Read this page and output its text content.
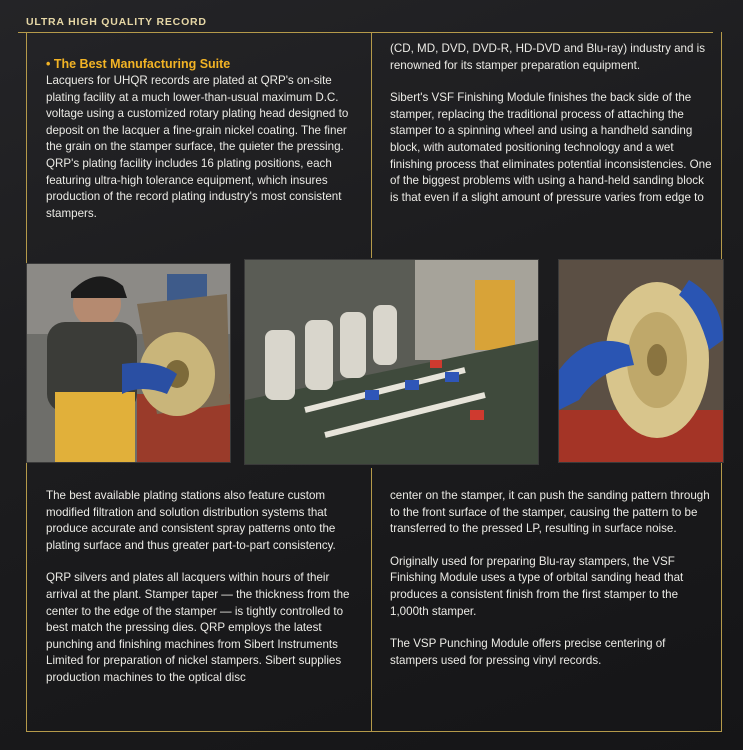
ULTRA HIGH QUALITY RECORD
• The Best Manufacturing Suite

Lacquers for UHQR records are plated at QRP's on-site plating facility at a much lower-than-usual maximum D.C. voltage using a customized rotary plating head designed to deposit on the lacquer a fine-grain nickel coating. The finer the grain on the stamper surface, the quieter the pressing. QRP's plating facility includes 16 plating positions, each featuring ultra-high tolerance equipment, which insures production of the record plating industry's most consistent stampers.

(CD, MD, DVD, DVD-R, HD-DVD and Blu-ray) industry and is renowned for its stamper preparation equipment.

Sibert's VSF Finishing Module finishes the back side of the stamper, replacing the traditional process of attaching the stamper to a spinning wheel and using a handheld sanding block, with automated positioning technology and a wet finishing process that eliminates potential inconsistencies. One of the biggest problems with using a hand-held sanding block is that even if a slight amount of pressure varies from edge to

The best available plating stations also feature custom modified filtration and solution distribution systems that produce accurate and consistent spray patterns onto the plating surface and thus greater part-to-part consistency.

QRP silvers and plates all lacquers within hours of their arrival at the plant. Stamper taper — the thickness from the center to the edge of the stamper — is tightly controlled to best match the pressing dies. QRP employs the latest punching and finishing machines from Sibert Instruments Limited for preparation of nickel stampers. Sibert supplies production machines to the optical disc

center on the stamper, it can push the sanding pattern through to the front surface of the stamper, causing the pattern to be transferred to the pressed LP, resulting in surface noise.

Originally used for preparing Blu-ray stampers, the VSF Finishing Module uses a type of orbital sanding head that produces a consistent finish from the first stamper to the 1,000th stamper.

The VSP Punching Module offers precise centering of stampers used for pressing vinyl records.
